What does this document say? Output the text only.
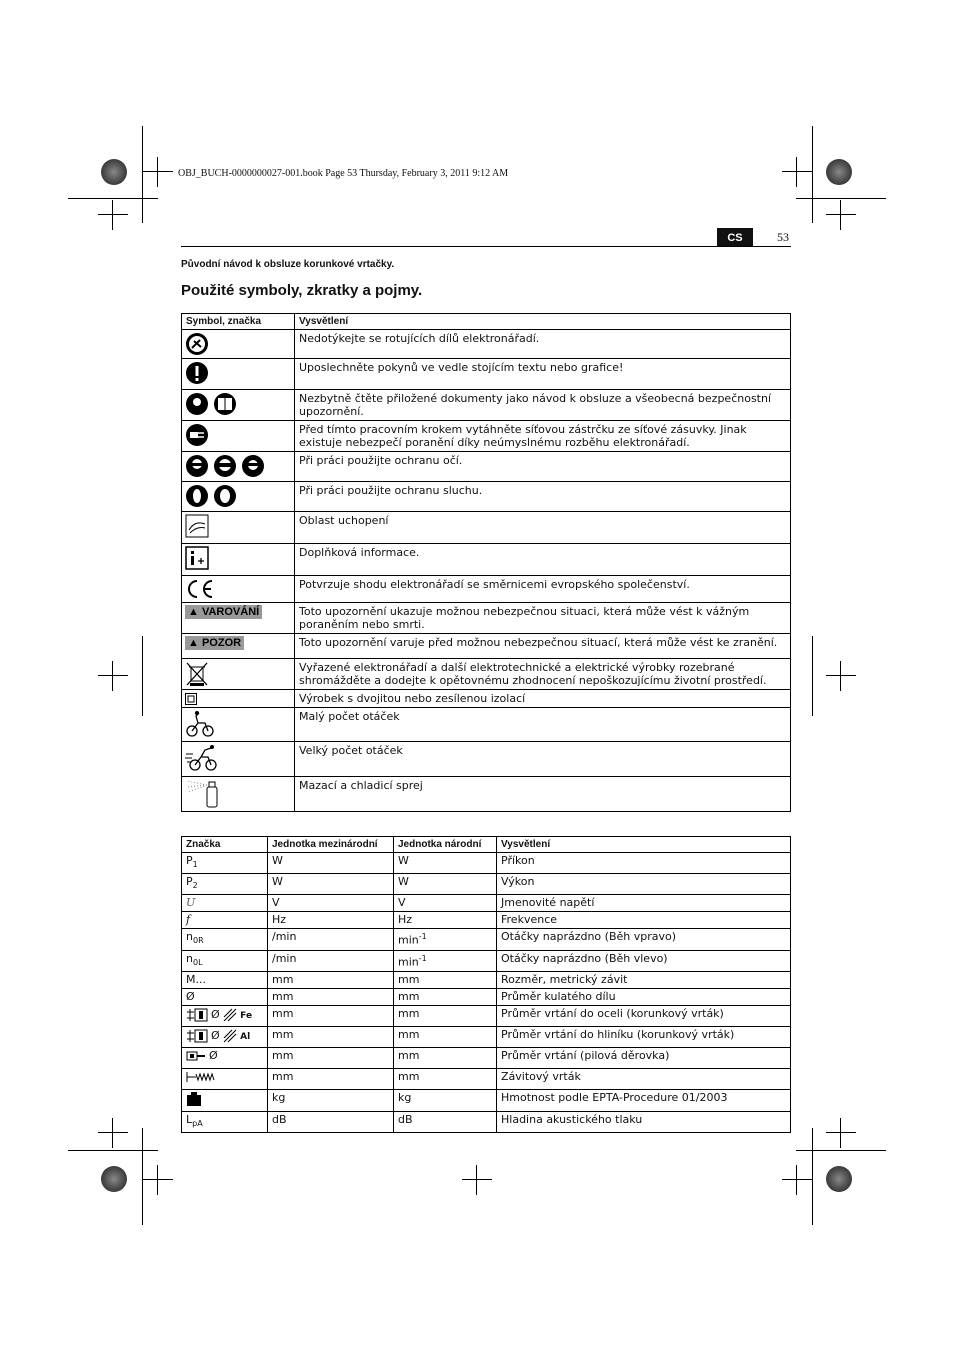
OBJ_BUCH-0000000027-001.book Page 53 Thursday, February 3, 2011 9:12 AM
CS	53
Původní návod k obsluze korunkové vrtačky.
Použité symboly, zkratky a pojmy.
Symbol, značka	Vysvětlení
	Nedotýkejte se rotujících dílů elektronářadí.
	Uposlechněte pokynů ve vedle stojícím textu nebo grafice!
	Nezbytně čtěte přiložené dokumenty jako návod k obsluze a všeobecná bezpečnostní upozornění.
	Před tímto pracovním krokem vytáhněte síťovou zástrčku ze síťové zásuvky. Jinak existuje nebezpečí poranění díky neúmyslnému rozběhu elektronářadí.
	Při práci použijte ochranu očí.
	Při práci použijte ochranu sluchu.
	Oblast uchopení
	Doplňková informace.
	Potvrzuje shodu elektronářadí se směrnicemi evropského společenství.
▲ VAROVÁNÍ	Toto upozornění ukazuje možnou nebezpečnou situaci, která může vést k vážným poraněním nebo smrti.
▲ POZOR	Toto upozornění varuje před možnou nebezpečnou situací, která může vést ke zranění.
	Vyřazené elektronářadí a další elektrotechnické a elektrické výrobky rozebrané shromážděte a dodejte k opětovnému zhodnocení nepoškozujícímu životní prostředí.
	Výrobek s dvojitou nebo zesílenou izolací
	Malý počet otáček
	Velký počet otáček
	Mazací a chladicí sprej
Značka	Jednotka mezinárodní	Jednotka národní	Vysvětlení
$P_1$	W	W	Příkon
$P_2$	W	W	Výkon
U	V	V	Jmenovité napětí
f	Hz	Hz	Frekvence
$n_{0R}$	/min	$\min^{-1}$	Otáčky naprázdno (Běh vpravo)
$n_{0L}$	/min	$\min^{-1}$	Otáčky naprázdno (Běh vlevo)
M...	mm	mm	Rozměr, metrický závit
Ø	mm	mm	Průměr kulatého dílu
Ø Fe	mm	mm	Průměr vrtání do oceli (korunkový vrták)
Ø Al	mm	mm	Průměr vrtání do hliníku (korunkový vrták)
Ø	mm	mm	Průměr vrtání (pilová děrovka)
	mm	mm	Závitový vrták
	kg	kg	Hmotnost podle EPTA-Procedure 01/2003
$L_{pA}$	dB	dB	Hladina akustického tlaku
